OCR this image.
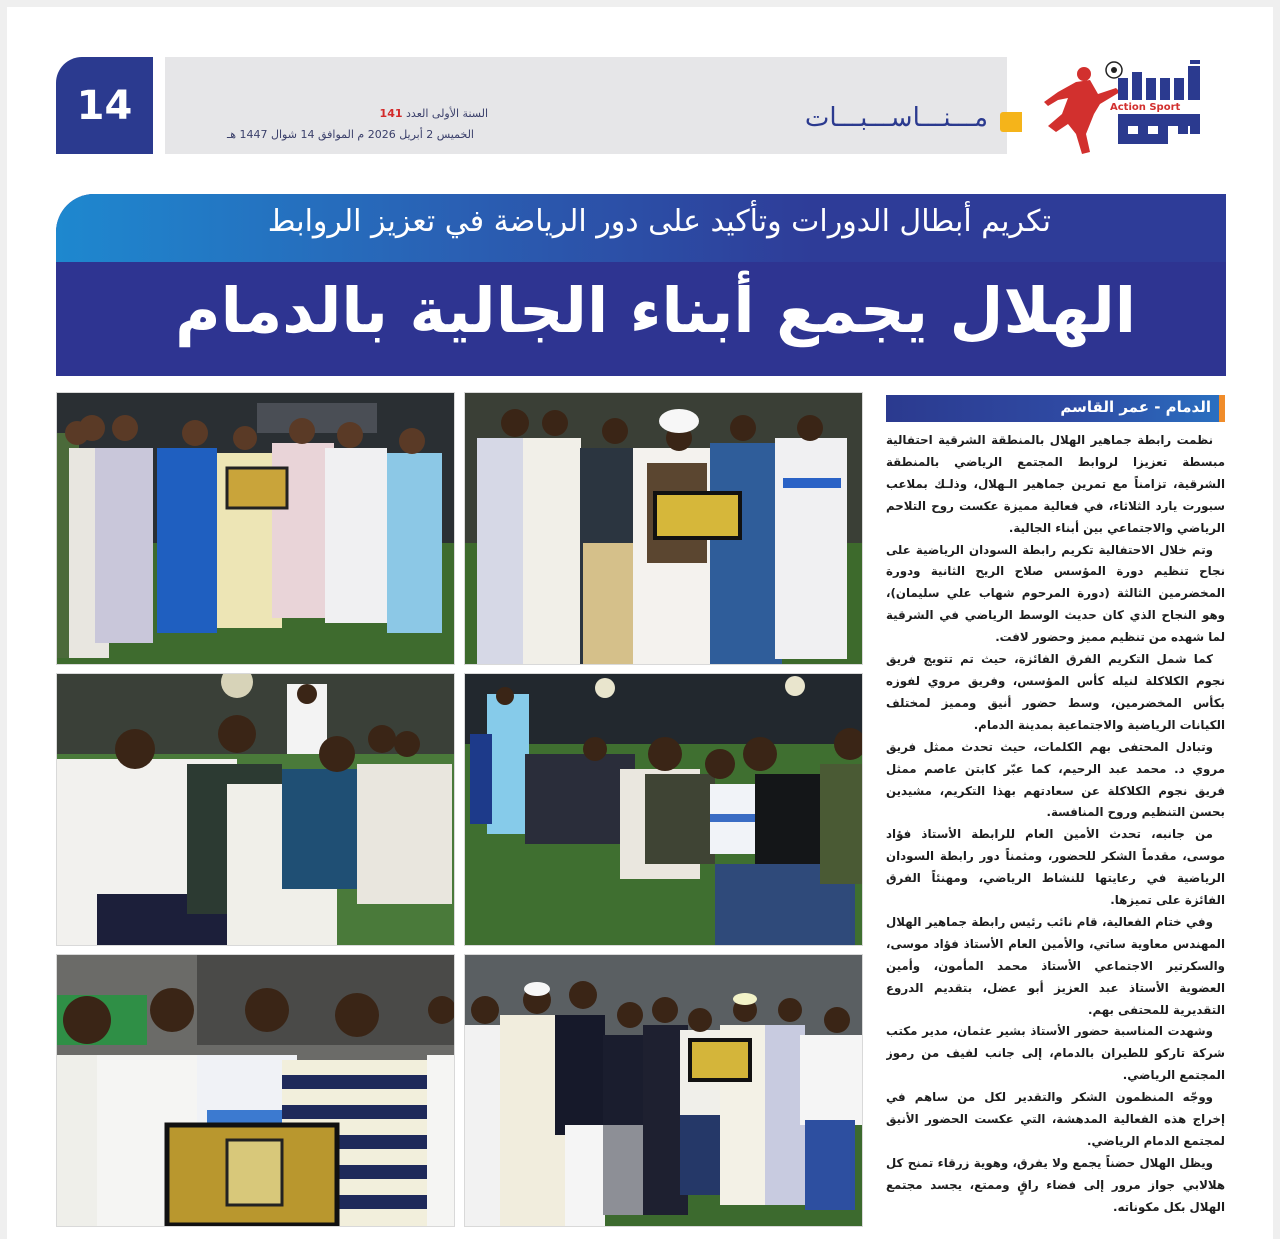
14	السنة الأولى العدد 141
الخميس 2 أبريل 2026 م الموافق 14 شوال 1447 هـ
مـــنـــاســـبـــات	Action Sport
تكريم أبطال الدورات وتأكيد على دور الرياضة في تعزيز الروابط
الهلال يجمع أبناء الجالية بالدمام
الدمام - عمر القاسم

نظمت رابطة جماهير الهلال بالمنطقة الشرقية احتفالية مبسطة تعزيزا لروابط المجتمع الرياضي بالمنطقة الشرقية، تزامناً مع تمرين جماهير الـهلال، وذلـك بملاعب سبورت يارد الثلاثاء، في فعالية مميزة عكست روح التلاحم الرياضي والاجتماعي بين أبناء الجالية.

وتم خلال الاحتفالية تكريم رابطة السودان الرياضية على نجاح تنظيم دورة المؤسس صلاح الريح الثانية ودورة المخضرمين الثالثة (دورة المرحوم شهاب علي سليمان)، وهو النجاح الذي كان حديث الوسط الرياضي في الشرقية لما شهده من تنظيم مميز وحضور لافت.

كما شمل التكريم الفرق الفائزة، حيث تم تتويج فريق نجوم الكلاكلة لنيله كأس المؤسس، وفريق مروي لفوزه بكأس المخضرمين، وسط حضور أنيق ومميز لمختلف الكيانات الرياضية والاجتماعية بمدينة الدمام.

وتبادل المحتفى بهم الكلمات، حيث تحدث ممثل فريق مروي د. محمد عبد الرحيم، كما عبّر كابتن عاصم ممثل فريق نجوم الكلاكلة عن سعادتهم بهذا التكريم، مشيدين بحسن التنظيم وروح المنافسة.

من جانبه، تحدث الأمين العام للرابطة الأستاذ فؤاد موسى، مقدماً الشكر للحضور، ومثمناً دور رابطة السودان الرياضية في رعايتها للنشاط الرياضي، ومهنئاً الفرق الفائزة على تميزها.

وفي ختام الفعالية، قام نائب رئيس رابطة جماهير الهلال المهندس معاوية ساتي، والأمين العام الأستاذ فؤاد موسى، والسكرتير الاجتماعي الأستاذ محمد المأمون، وأمين العضوية الأستاذ عبد العزيز أبو عضل، بتقديم الدروع التقديرية للمحتفى بهم.

وشهدت المناسبة حضور الأستاذ بشير عثمان، مدير مكتب شركة تاركو للطيران بالدمام، إلى جانب لفيف من رموز المجتمع الرياضي.

ووجّه المنظمون الشكر والتقدير لكل من ساهم في إخراج هذه الفعالية المدهشة، التي عكست الحضور الأنيق لمجتمع الدمام الرياضي.

ويظل الهلال حضناً يجمع ولا يفرق، وهوية زرقاء تمنح كل هلالابي جواز مرور إلى فضاء راقٍ وممتع، يجسد مجتمع الهلال بكل مكوناته.
